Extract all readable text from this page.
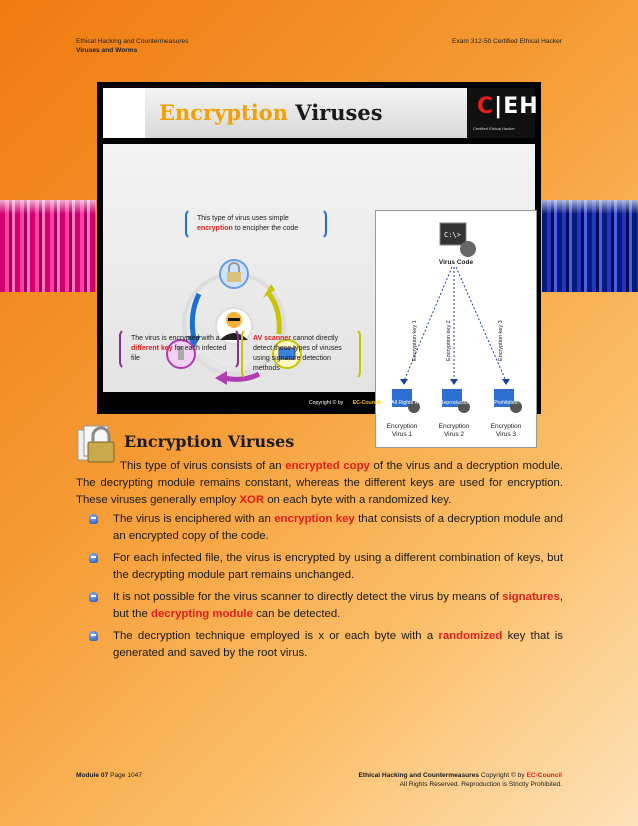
Ethical Hacking and Countermeasures
Viruses and Worms
Exam 312-50 Certified Ethical Hacker
Encryption Viruses	C|EH
Certified Ethical Hacker
This type of virus uses simple encryption to encipher the code
The virus is encrypted with a different key for each infected file
AV scanner cannot directly detect these types of viruses using signature detection methods
C:\>
Virus Code
Encryption key 1	Encryption key 2	Encryption key 3
Encryption
Virus 1
Encryption
Virus 2
Encryption
Virus 3
Copyright © by EC-Council . All Rights Reserved. Reproduction is Strictly Prohibited.
Encryption Viruses
This type of virus consists of an encrypted copy of the virus and a decryption module. The decrypting module remains constant, whereas the different keys are used for encryption. These viruses generally employ XOR on each byte with a randomized key.
The virus is enciphered with an encryption key that consists of a decryption module and an encrypted copy of the code.
For each infected file, the virus is encrypted by using a different combination of keys, but the decrypting module part remains unchanged.
It is not possible for the virus scanner to directly detect the virus by means of signatures, but the decrypting module can be detected.
The decryption technique employed is x or each byte with a randomized key that is generated and saved by the root virus.
Module 07 Page 1047	Ethical Hacking and Countermeasures Copyright © by EC-Council
All Rights Reserved. Reproduction is Strictly Prohibited.
